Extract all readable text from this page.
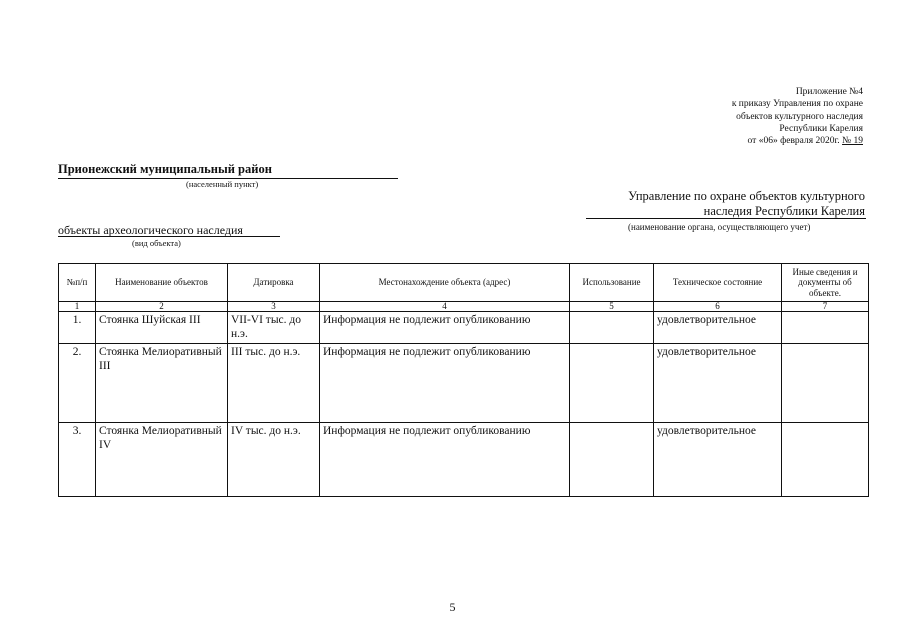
Приложение №4
к приказу Управления по охране
объектов культурного наследия
Республики Карелия
от «06» февраля 2020г. № 19
Прионежский муниципальный район
(населенный пункт)
Управление по охране объектов культурного
наследия Республики Карелия
(наименование органа, осуществляющего учет)
объекты археологического наследия
(вид объекта)
№п/п	Наименование объектов	Датировка	Местонахождение объекта (адрес)	Использование	Техническое состояние	Иные сведения и документы об объекте.
1	2	3	4	5	6	7
1.	Стоянка Шуйская III	VII-VI тыс. до н.э.	Информация не подлежит опубликованию		удовлетворительное	
2.	Стоянка Мелиоративный III	III тыс. до н.э.	Информация не подлежит опубликованию		удовлетворительное	
3.	Стоянка Мелиоративный IV	IV тыс. до н.э.	Информация не подлежит опубликованию		удовлетворительное	
5
